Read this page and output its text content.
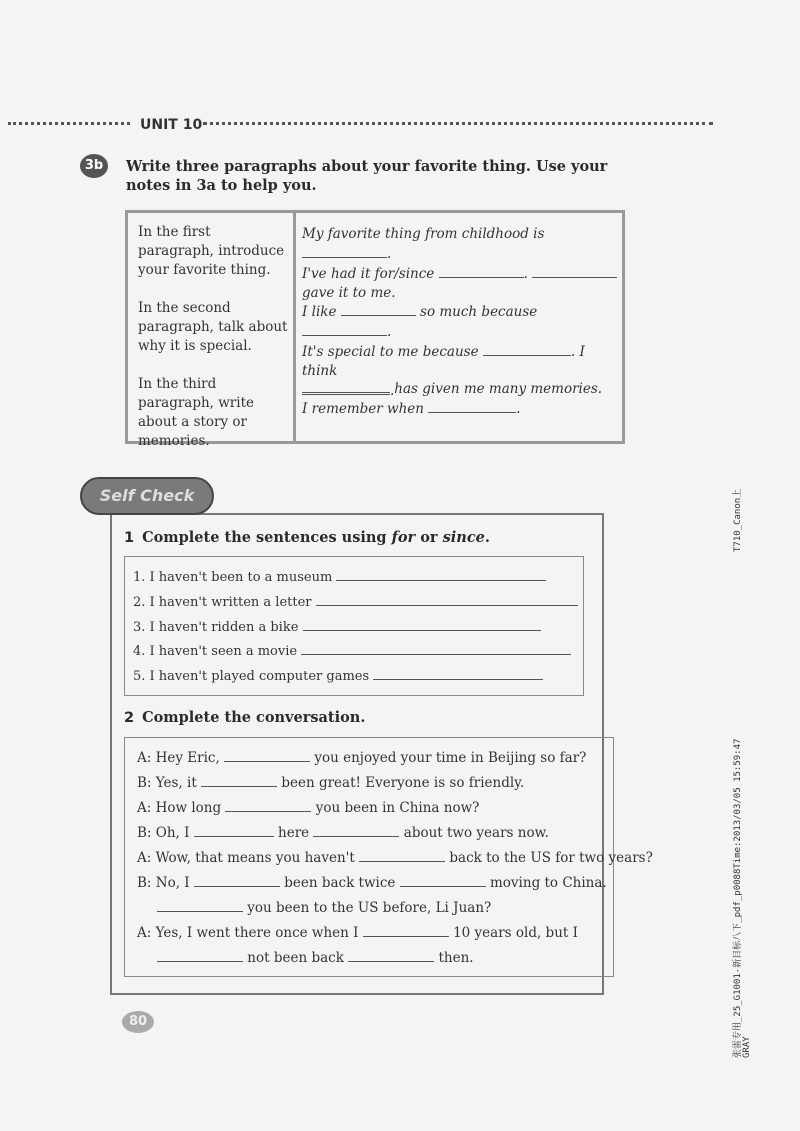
UNIT 10
3b	Write three paragraphs about your favorite thing. Use your notes in 3a to help you.
In the first paragraph, introduce your favorite thing.
My favorite thing from childhood is .
I've had it for/since	.
gave it to me.
In the second paragraph, talk about why it is special.
I like	so much because .
It's special to me because	. I think
.
In the third paragraph, write about a story or memories.
has given me many memories.
I remember when	.
1 Complete the sentences using for or since.
2 Complete the conversation.
Self Check
1. I haven't been to a museum
2. I haven't written a letter
3. I haven't ridden a bike
4. I haven't seen a movie
5. I haven't played computer games
A: Hey Eric,	you enjoyed your time in Beijing so far?
B: Yes, it	been great! Everyone is so friendly.
A: How long	you been in China now?
B: Oh, I	here	about two years now.
A: Wow, that means you haven't	back to the US for two years?
B: No, I	been back twice	moving to China.
you been to the US before, Li Juan?
A: Yes, I went there once when I	10 years old, but I
not been back	then.
80
T710_Canon上
张雷专用_25_G1001-新目标八下_pdf_p0088Time:2013/03/05 15:59:47 GRAY
